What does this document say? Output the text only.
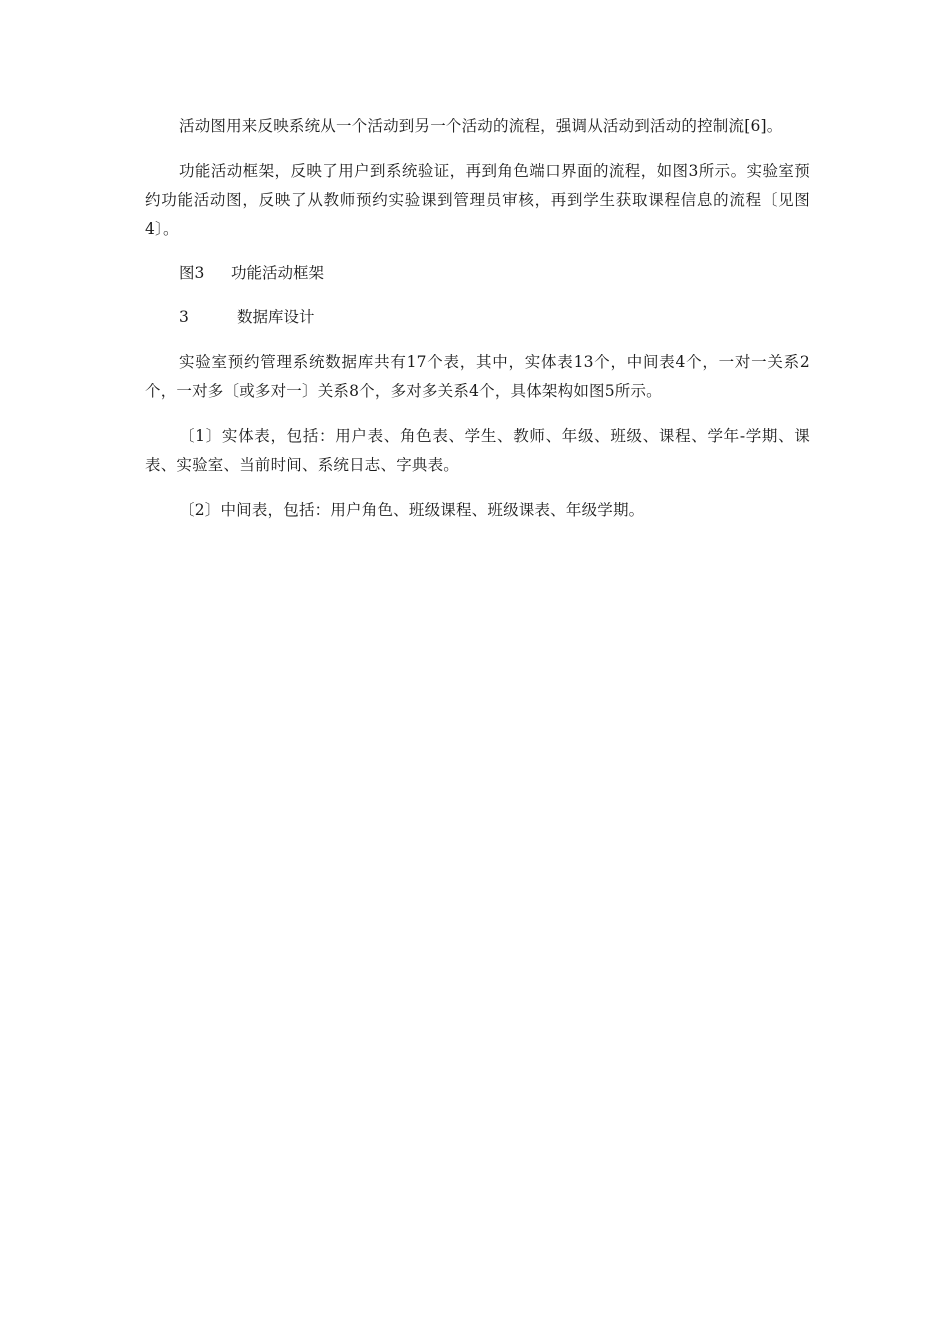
活动图用来反映系统从一个活动到另一个活动的流程，强调从活动到活动的控制流[6]。

功能活动框架，反映了用户到系统验证，再到角色端口界面的流程，如图3所示。实验室预约功能活动图，反映了从教师预约实验课到管理员审核，再到学生获取课程信息的流程〔见图4〕。

图3 功能活动框架
3	数据库设计

实验室预约管理系统数据库共有17个表，其中，实体表13个，中间表4个，一对一关系2个，一对多〔或多对一〕关系8个，多对多关系4个，具体架构如图5所示。

〔1〕实体表，包括：用户表、角色表、学生、教师、年级、班级、课程、学年-学期、课表、实验室、当前时间、系统日志、字典表。

〔2〕中间表，包括：用户角色、班级课程、班级课表、年级学期。
